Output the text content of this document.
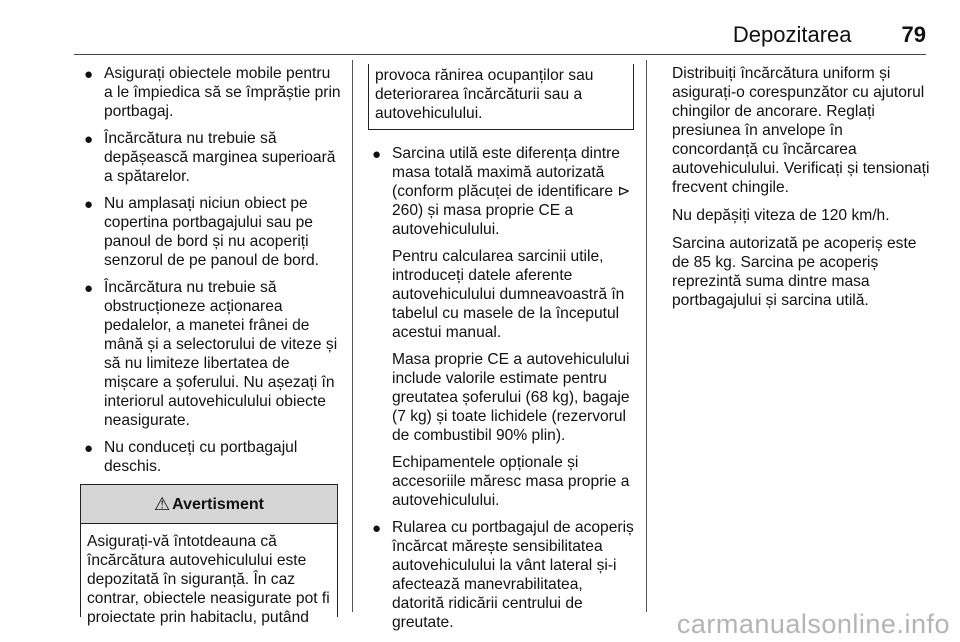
Depozitarea 79
● Asigurați obiectele mobile pentru a le împiedica să se împrăștie prin portbagaj.
● Încărcătura nu trebuie să depășească marginea superioară a spătarelor.
● Nu amplasați niciun obiect pe copertina portbagajului sau pe panoul de bord și nu acoperiți senzorul de pe panoul de bord.
● Încărcătura nu trebuie să obstrucționeze acționarea pedalelor, a manetei frânei de mână și a selectorului de viteze și să nu limiteze libertatea de mișcare a șoferului. Nu așezați în interiorul autovehiculului obiecte neasigurate.
● Nu conduceți cu portbagajul deschis.
⚠ Avertisment
Asigurați-vă întotdeauna că încărcătura autovehiculului este depozitată în siguranță. În caz contrar, obiectele neasigurate pot fi proiectate prin habitaclu, putând
provoca rănirea ocupanților sau deteriorarea încărcăturii sau a autovehiculului.
● Sarcina utilă este diferența dintre masa totală maximă autorizată (conform plăcuței de identificare ⊳ 260) și masa proprie CE a autovehiculului.

Pentru calcularea sarcinii utile, introduceți datele aferente autovehiculului dumneavoastră în tabelul cu masele de la începutul acestui manual.

Masa proprie CE a autovehiculului include valorile estimate pentru greutatea șoferului (68 kg), bagaje (7 kg) și toate lichidele (rezervorul de combustibil 90% plin).

Echipamentele opționale și accesoriile măresc masa proprie a autovehiculului.

● Rularea cu portbagajul de acoperiș încărcat mărește sensibilitatea autovehiculului la vânt lateral și-i afectează manevrabilitatea, datorită ridicării centrului de greutate.

Distribuiți încărcătura uniform și asigurați-o corespunzător cu ajutorul chingilor de ancorare. Reglați presiunea în anvelope în concordanță cu încărcarea autovehiculului. Verificați și tensionați frecvent chingile.

Nu depășiți viteza de 120 km/h.

Sarcina autorizată pe acoperiș este de 85 kg. Sarcina pe acoperiș reprezintă suma dintre masa portbagajului și sarcina utilă.

carmanualsonline.info
